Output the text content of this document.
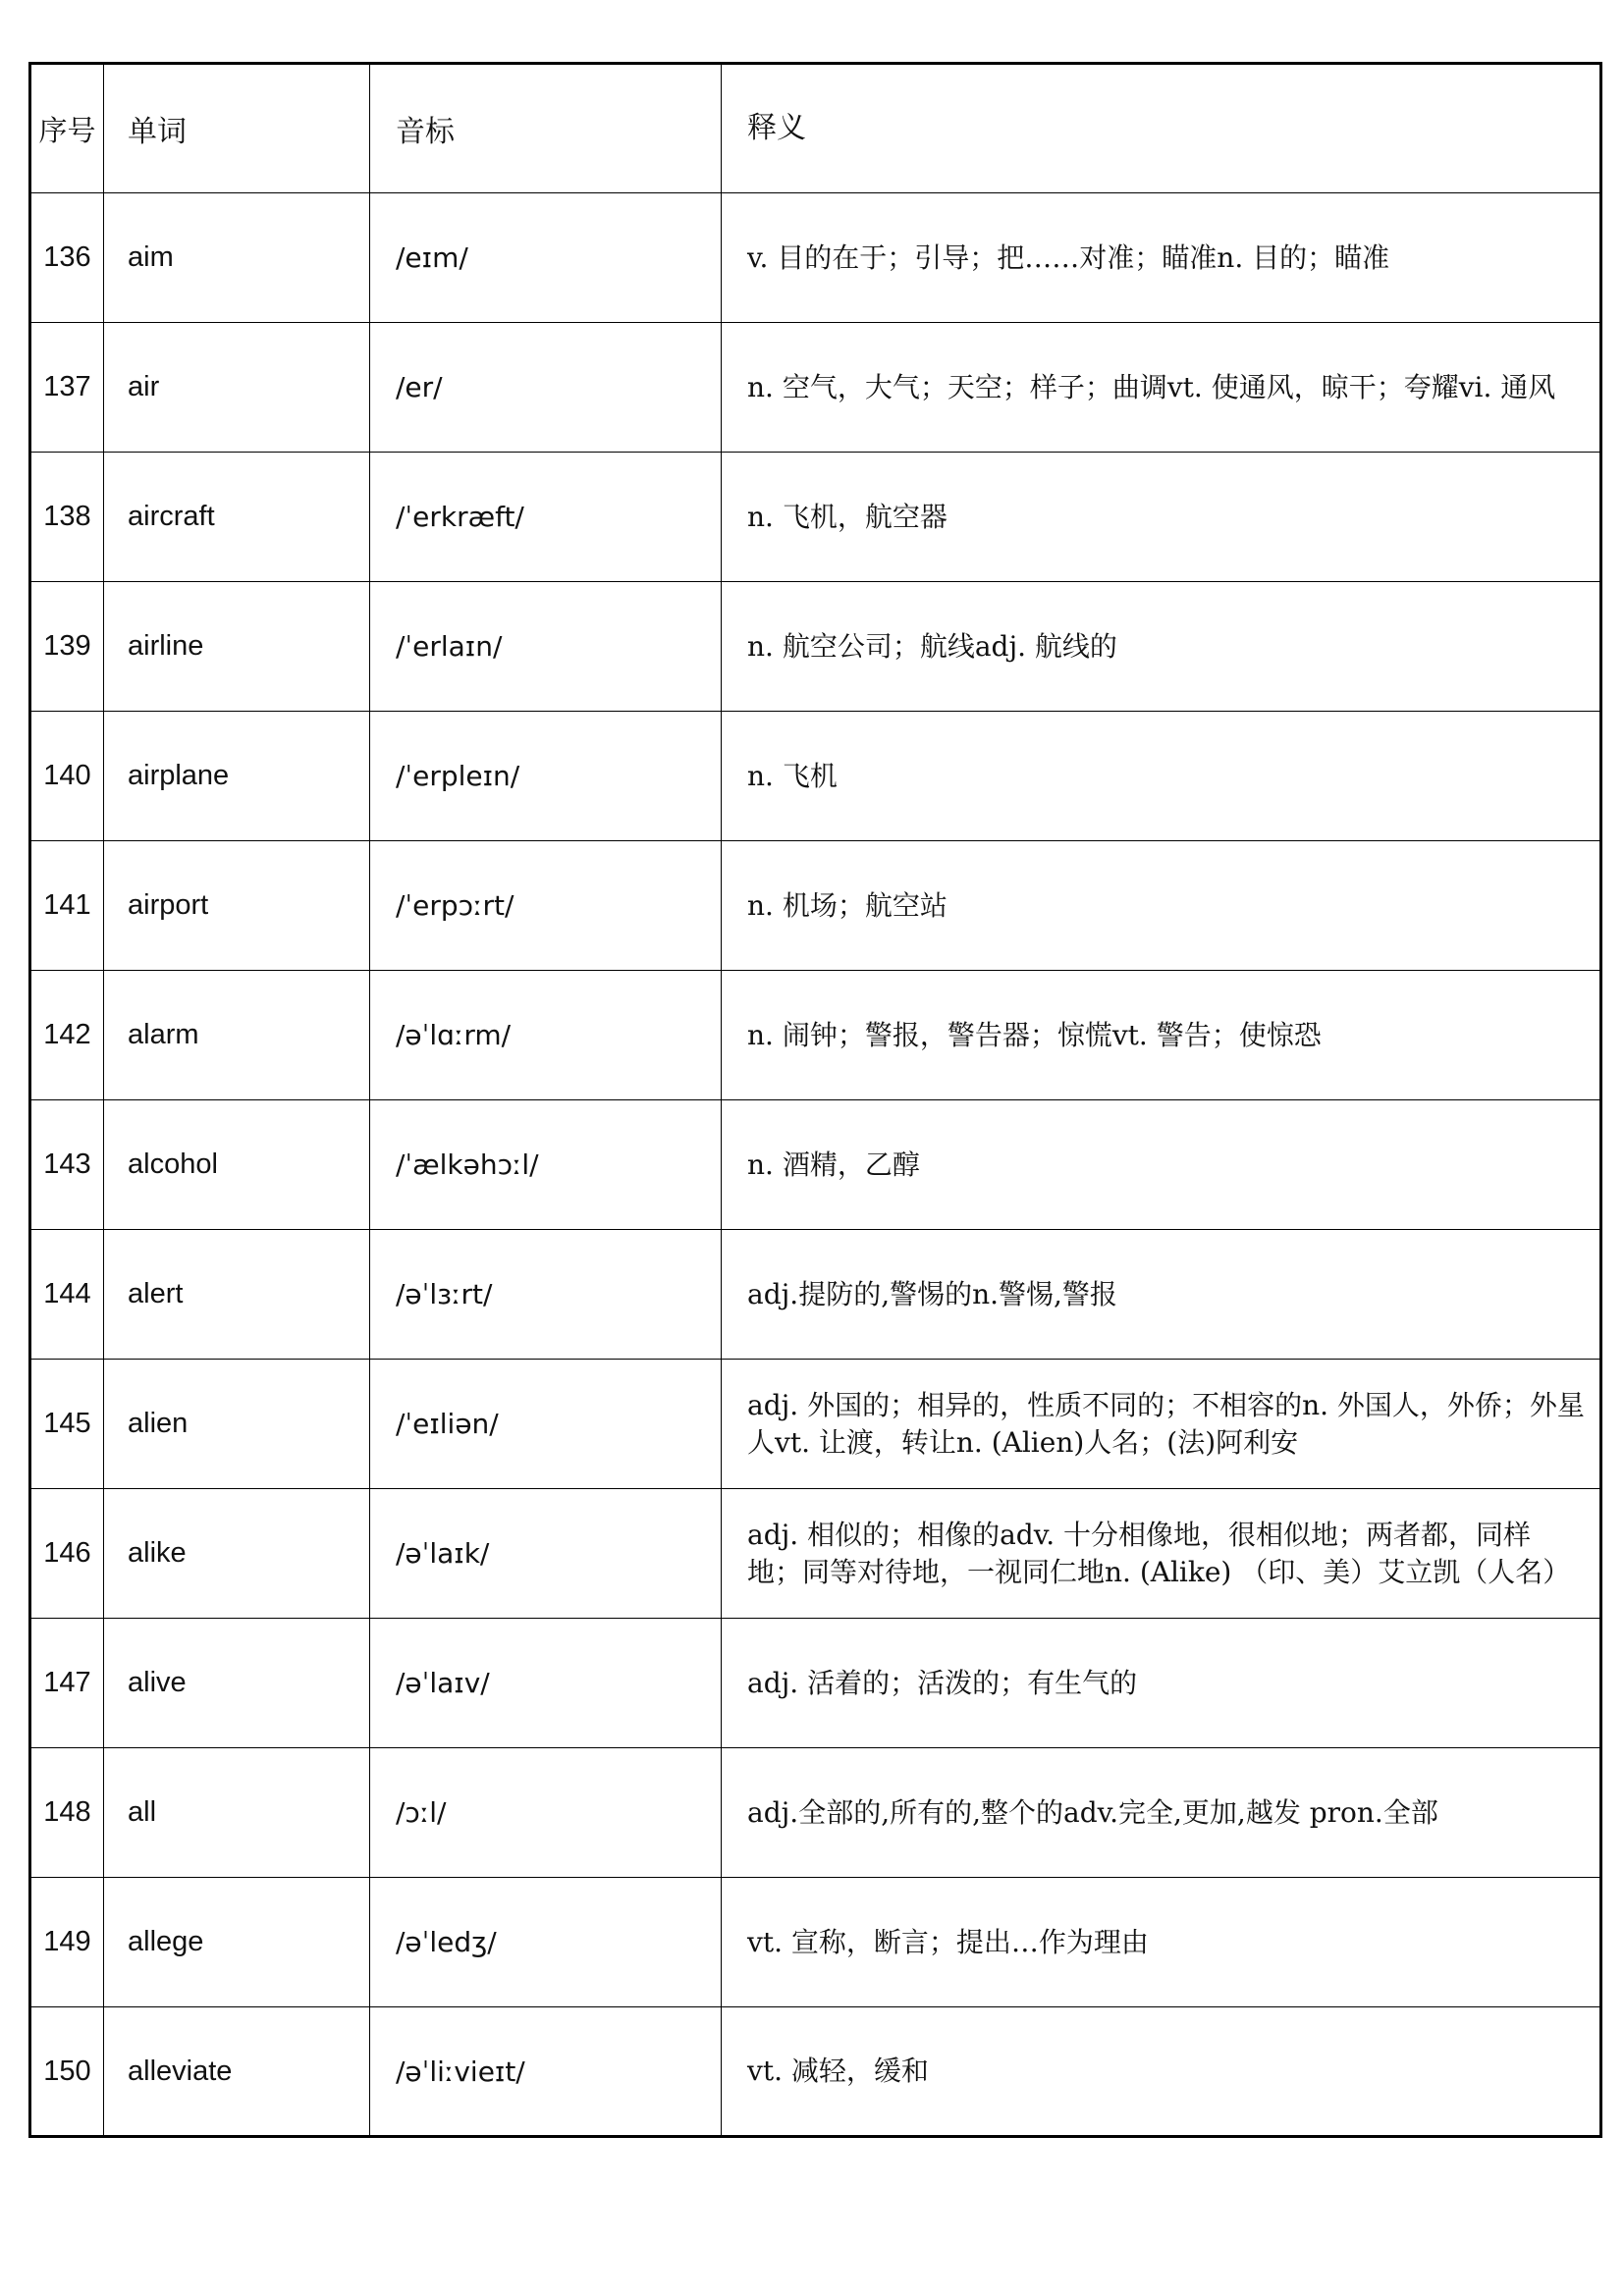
序号	单词	音标	释义
136	aim	/eɪm/	v. 目的在于；引导；把……对准；瞄准n. 目的；瞄准
137	air	/er/	n. 空气，大气；天空；样子；曲调vt. 使通风，晾干；夸耀vi. 通风
138	aircraft	/ˈerkræft/	n. 飞机，航空器
139	airline	/ˈerlaɪn/	n. 航空公司；航线adj. 航线的
140	airplane	/ˈerpleɪn/	n. 飞机
141	airport	/ˈerpɔːrt/	n. 机场；航空站
142	alarm	/əˈlɑːrm/	n. 闹钟；警报，警告器；惊慌vt. 警告；使惊恐
143	alcohol	/ˈælkəhɔːl/	n. 酒精，乙醇
144	alert	/əˈlɜːrt/	adj.提防的,警惕的n.警惕,警报
145	alien	/ˈeɪliən/	adj. 外国的；相异的，性质不同的；不相容的n. 外国人，外侨；外星人vt. 让渡，转让n. (Alien)人名；(法)阿利安
146	alike	/əˈlaɪk/	adj. 相似的；相像的adv. 十分相像地，很相似地；两者都，同样地；同等对待地，一视同仁地n. (Alike) （印、美）艾立凯（人名）
147	alive	/əˈlaɪv/	adj. 活着的；活泼的；有生气的
148	all	/ɔːl/	adj.全部的,所有的,整个的adv.完全,更加,越发 pron.全部
149	allege	/əˈledʒ/	vt. 宣称，断言；提出…作为理由
150	alleviate	/əˈliːvieɪt/	vt. 减轻，缓和
